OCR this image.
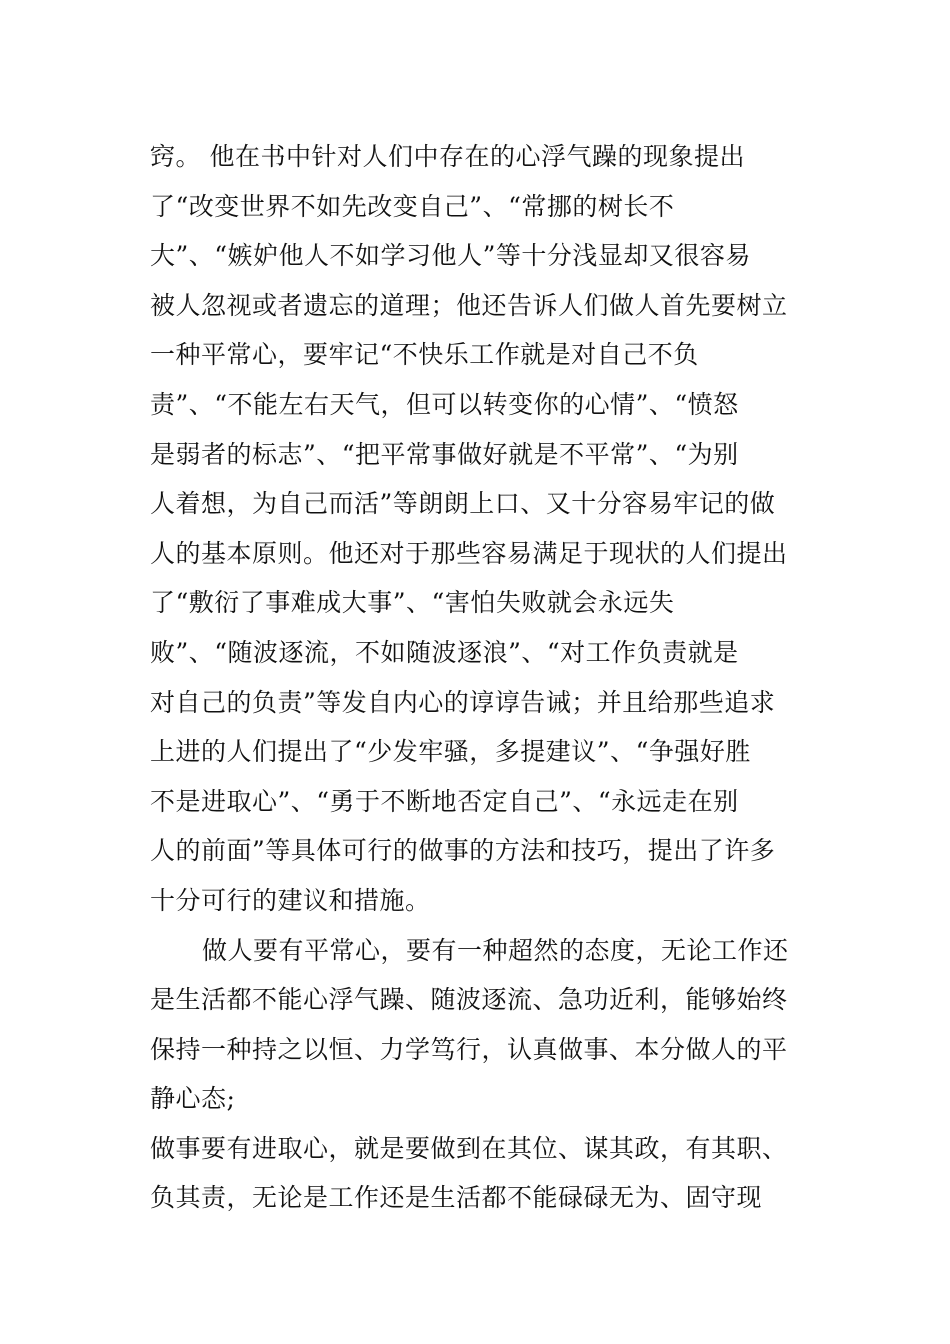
窍。 他在书中针对人们中存在的心浮气躁的现象提出
了“改变世界不如先改变自己”、“常挪的树长不
大”、“嫉妒他人不如学习他人”等十分浅显却又很容易
被人忽视或者遗忘的道理；他还告诉人们做人首先要树立
一种平常心，要牢记“不快乐工作就是对自己不负
责”、“不能左右天气，但可以转变你的心情”、“愤怒
是弱者的标志”、“把平常事做好就是不平常”、“为别
人着想，为自己而活”等朗朗上口、又十分容易牢记的做
人的基本原则。他还对于那些容易满足于现状的人们提出
了“敷衍了事难成大事”、“害怕失败就会永远失
败”、“随波逐流，不如随波逐浪”、“对工作负责就是
对自己的负责”等发自内心的谆谆告诫；并且给那些追求
上进的人们提出了“少发牢骚，多提建议”、“争强好胜
不是进取心”、“勇于不断地否定自己”、“永远走在别
人的前面”等具体可行的做事的方法和技巧，提出了许多
十分可行的建议和措施。
做人要有平常心，要有一种超然的态度，无论工作还
是生活都不能心浮气躁、随波逐流、急功近利，能够始终
保持一种持之以恒、力学笃行，认真做事、本分做人的平
静心态;
做事要有进取心，就是要做到在其位、谋其政，有其职、
负其责，无论是工作还是生活都不能碌碌无为、固守现
